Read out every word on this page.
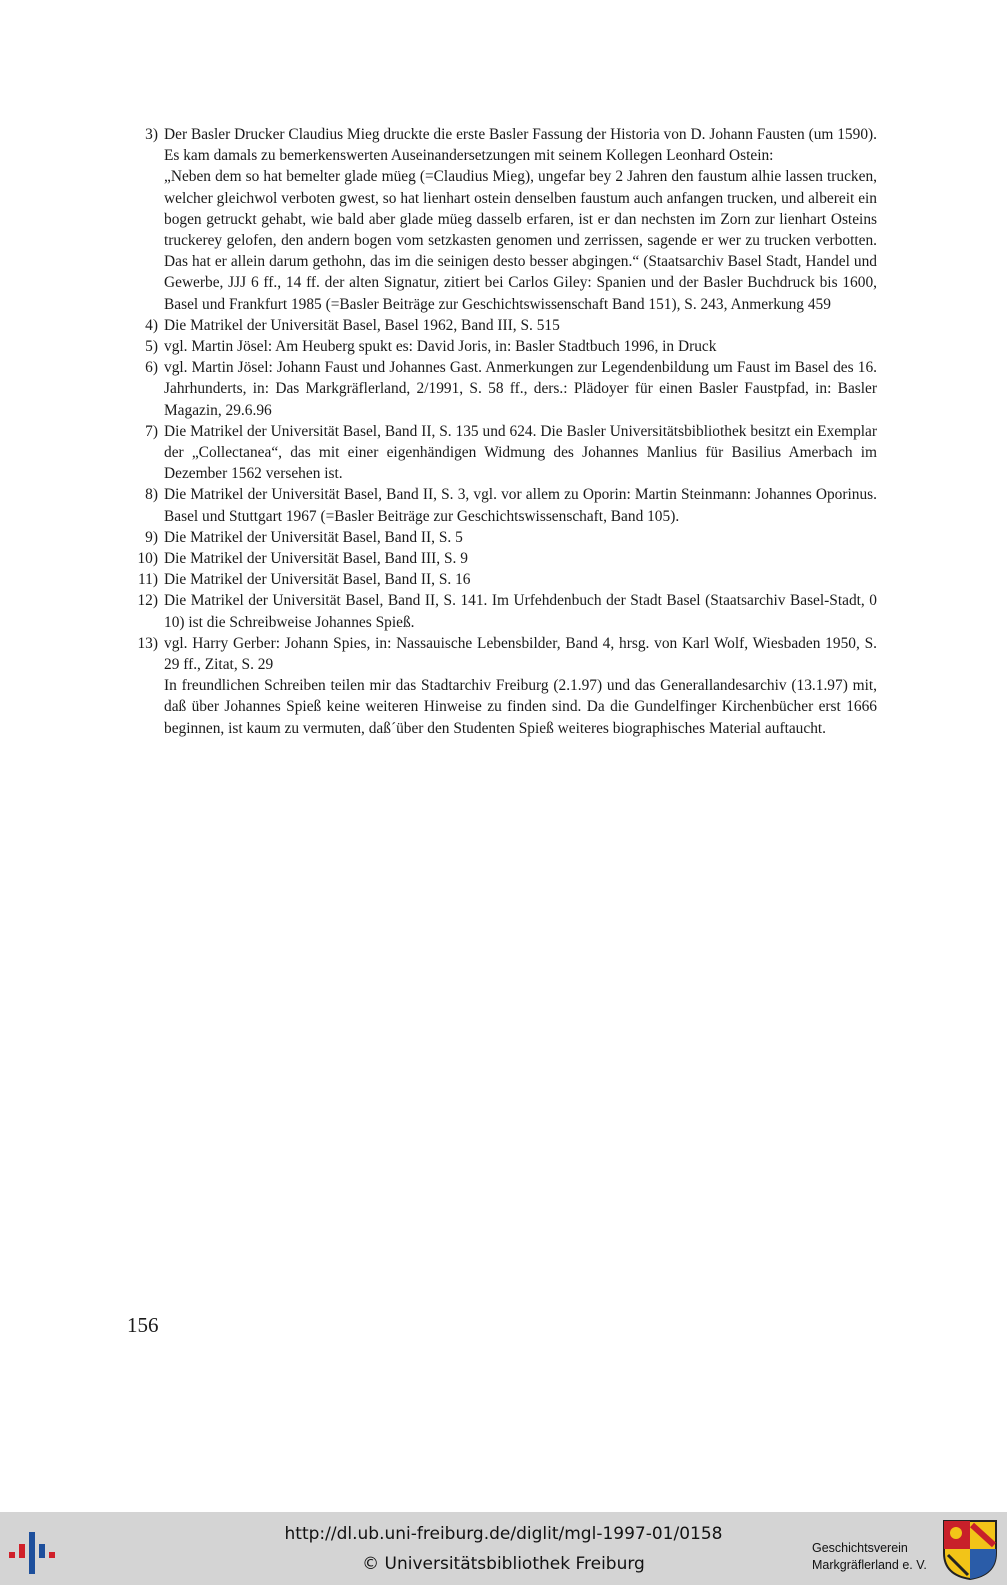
3) Der Basler Drucker Claudius Mieg druckte die erste Basler Fassung der Historia von D. Johann Fausten (um 1590). Es kam damals zu bemerkenswerten Auseinandersetzungen mit seinem Kollegen Leonhard Ostein:

„Neben dem so hat bemelter glade müeg (=Claudius Mieg), ungefar bey 2 Jahren den faustum alhie lassen trucken, welcher gleichwol verboten gwest, so hat lienhart ostein denselben faustum auch anfangen trucken, und albereit ein bogen getruckt gehabt, wie bald aber glade müeg dasselb erfaren, ist er dan nechsten im Zorn zur lienhart Osteins truckerey gelofen, den andern bogen vom setzkasten genomen und zerrissen, sagende er wer zu trucken verbotten. Das hat er allein darum gethohn, das im die seinigen desto besser abgingen.“ (Staatsarchiv Basel Stadt, Handel und Gewerbe, JJJ 6 ff., 14 ff. der alten Signatur, zitiert bei Carlos Giley: Spanien und der Basler Buchdruck bis 1600, Basel und Frankfurt 1985 (=Basler Beiträge zur Geschichtswissenschaft Band 151), S. 243, Anmerkung 459

4) Die Matrikel der Universität Basel, Basel 1962, Band III, S. 515

5) vgl. Martin Jösel: Am Heuberg spukt es: David Joris, in: Basler Stadtbuch 1996, in Druck

6) vgl. Martin Jösel: Johann Faust und Johannes Gast. Anmerkungen zur Legendenbildung um Faust im Basel des 16. Jahrhunderts, in: Das Markgräflerland, 2/1991, S. 58 ff., ders.: Plädoyer für einen Basler Faustpfad, in: Basler Magazin, 29.6.96

7) Die Matrikel der Universität Basel, Band II, S. 135 und 624. Die Basler Universitätsbibliothek besitzt ein Exemplar der „Collectanea“, das mit einer eigenhändigen Widmung des Johannes Manlius für Basilius Amerbach im Dezember 1562 versehen ist.

8) Die Matrikel der Universität Basel, Band II, S. 3, vgl. vor allem zu Oporin: Martin Steinmann: Johannes Oporinus. Basel und Stuttgart 1967 (=Basler Beiträge zur Geschichtswissenschaft, Band 105).

9) Die Matrikel der Universität Basel, Band II, S. 5

10) Die Matrikel der Universität Basel, Band III, S. 9

11) Die Matrikel der Universität Basel, Band II, S. 16

12) Die Matrikel der Universität Basel, Band II, S. 141. Im Urfehdenbuch der Stadt Basel (Staatsarchiv Basel-Stadt, 0 10) ist die Schreibweise Johannes Spieß.

13) vgl. Harry Gerber: Johann Spies, in: Nassauische Lebensbilder, Band 4, hrsg. von Karl Wolf, Wiesbaden 1950, S. 29 ff., Zitat, S. 29

In freundlichen Schreiben teilen mir das Stadtarchiv Freiburg (2.1.97) und das Generallandesarchiv (13.1.97) mit, daß über Johannes Spieß keine weiteren Hinweise zu finden sind. Da die Gundelfinger Kirchenbücher erst 1666 beginnen, ist kaum zu vermuten, daß´über den Studenten Spieß weiteres biographisches Material auftaucht.

156
http://dl.ub.uni-freiburg.de/diglit/mgl-1997-01/0158
© Universitätsbibliothek Freiburg
Geschichtsverein
Markgräflerland e. V.
